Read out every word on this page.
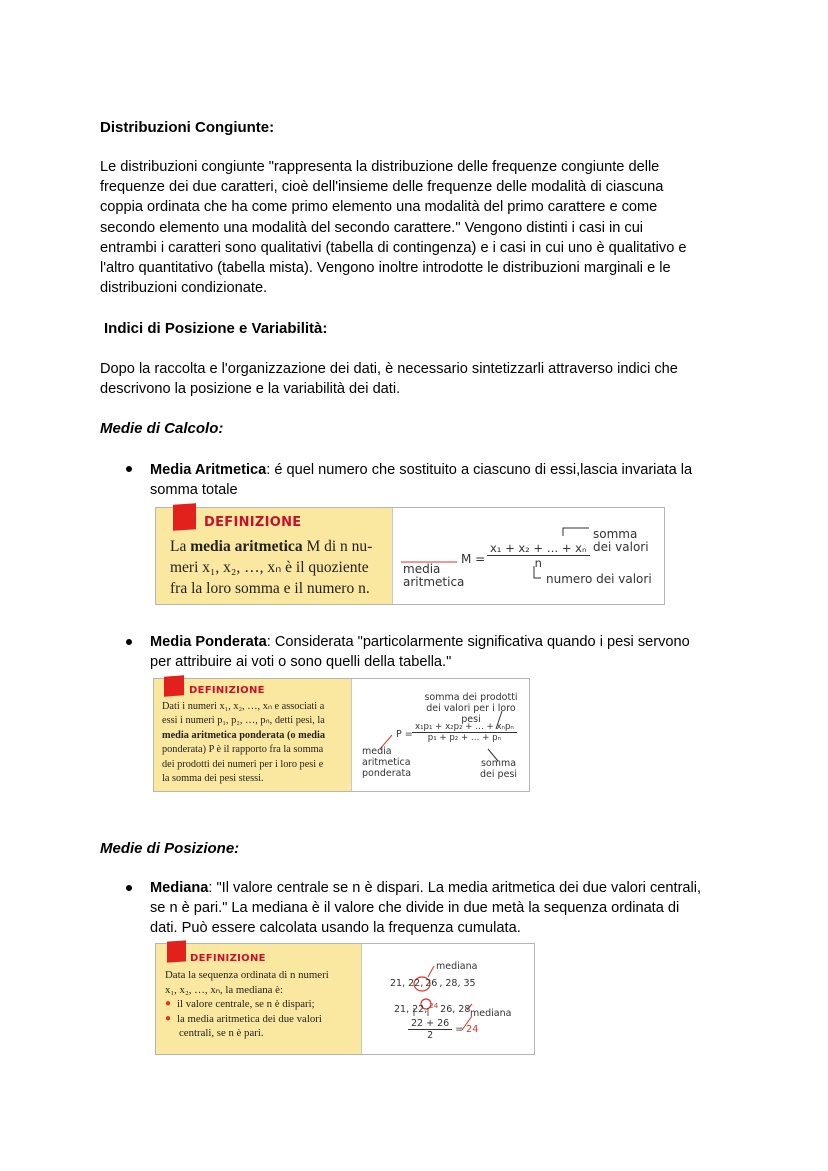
Distribuzioni Congiunte:
Le distribuzioni congiunte "rappresenta la distribuzione delle frequenze congiunte delle
frequenze dei due caratteri, cioè dell'insieme delle frequenze delle modalità di ciascuna
coppia ordinata che ha come primo elemento una modalità del primo carattere e come
secondo elemento una modalità del secondo carattere." Vengono distinti i casi in cui
entrambi i caratteri sono qualitativi (tabella di contingenza) e i casi in cui uno è qualitativo e
l'altro quantitativo (tabella mista). Vengono inoltre introdotte le distribuzioni marginali e le
distribuzioni condizionate.
Indici di Posizione e Variabilità:
Dopo la raccolta e l'organizzazione dei dati, è necessario sintetizzarli attraverso indici che
descrivono la posizione e la variabilità dei dati.
Medie di Calcolo:
Media Aritmetica: é quel numero che sostituito a ciascuno di essi,lascia invariata la
somma totale
DEFINIZIONE
La media aritmetica M di n nu-
meri x₁, x₂, …, xₙ è il quoziente
fra la loro somma e il numero n.
media
aritmetica
$M = \frac{\text{x₁ + x₂ + … + xₙ}}{n}$
somma
dei valori
numero dei valori
Media Ponderata: Considerata "particolarmente significativa quando i pesi servono
per attribuire ai voti o sono quelli della tabella."
DEFINIZIONE
Dati i numeri x₁, x₂, …, xₙ e associati a
essi i numeri p₁, p₂, …, pₙ, detti pesi, la
media aritmetica ponderata (o media
ponderata) P è il rapporto fra la somma
dei prodotti dei numeri per i loro pesi e
la somma dei pesi stessi.
somma dei prodotti
dei valori per i loro pesi
$P = \frac{\text{x₁p₁ + x₂p₂ + … + xₙpₙ}}{\text{p₁ + p₂ + … + pₙ}}$
media
aritmetica
ponderata
somma
dei pesi
Medie di Posizione:
Mediana: "Il valore centrale se n è dispari. La media aritmetica dei due valori centrali,
se n è pari." La mediana è il valore che divide in due metà la sequenza ordinata di
dati. Può essere calcolata usando la frequenza cumulata.
DEFINIZIONE
Data la sequenza ordinata di n numeri
x₁, x₂, …, xₙ, la mediana è:
● il valore centrale, se n è dispari;
● la media aritmetica dei due valori
centrali, se n è pari.
mediana
21, 22, 26 , 28, 35
21, 22, $^{24}$ 26, 28 mediana
$\frac{22 + 26}{2} = 24$
